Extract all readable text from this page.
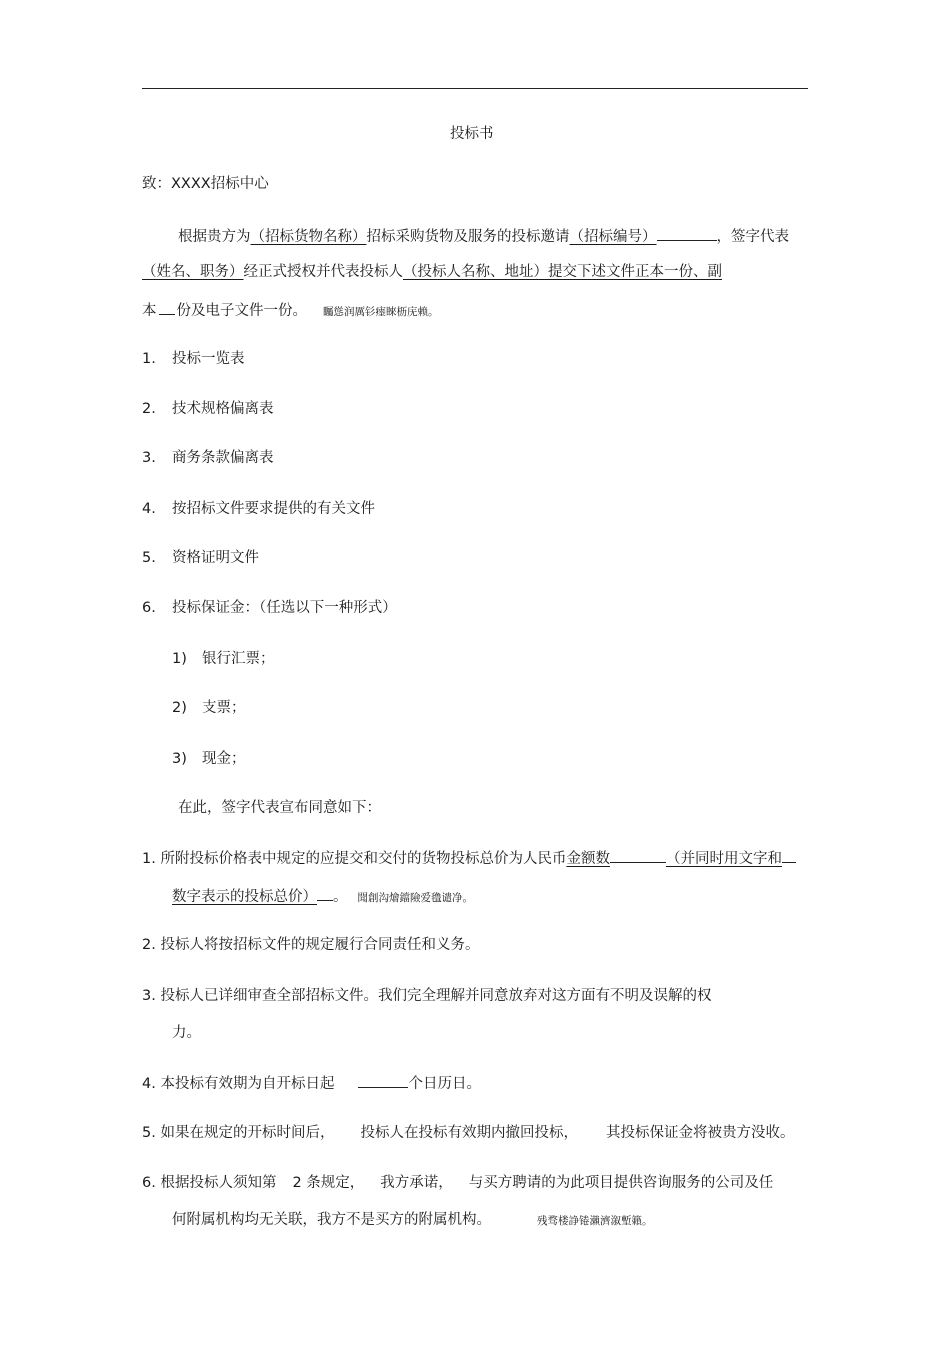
投标书
致：XXXX招标中心
根据贵方为（招标货物名称）招标采购货物及服务的投标邀请（招标编号）	，签字代表
（姓名、职务）经正式授权并代表投标人（投标人名称、地址）提交下述文件正本一份、副
本 份及电子文件一份。 矚慫润厲钐瘗睞枥庑赖。
1. 投标一览表
2. 技术规格偏离表
3. 商务条款偏离表
4. 按招标文件要求提供的有关文件
5. 资格证明文件
6. 投标保证金：（任选以下一种形式）
1) 银行汇票；
2) 支票；
3) 现金；
在此，签字代表宣布同意如下：
1. 所附投标价格表中规定的应提交和交付的货物投标总价为人民币金额数	（并同时用文字和
数字表示的投标总价） 。 聞創沟燴鐺險爱氇谴净。
2. 投标人将按招标文件的规定履行合同责任和义务。
3. 投标人已详细审查全部招标文件。我们完全理解并同意放弃对这方面有不明及误解的权
力。
4. 本投标有效期为自开标日起	个日历日。
5. 如果在规定的开标时间后， 投标人在投标有效期内撤回投标， 其投标保证金将被贵方没收。
6. 根据投标人须知第 2 条规定， 我方承诺， 与买方聘请的为此项目提供咨询服务的公司及任
何附属机构均无关联，我方不是买方的附属机构。	残骛楼諍锩瀨濟溆塹籟。
